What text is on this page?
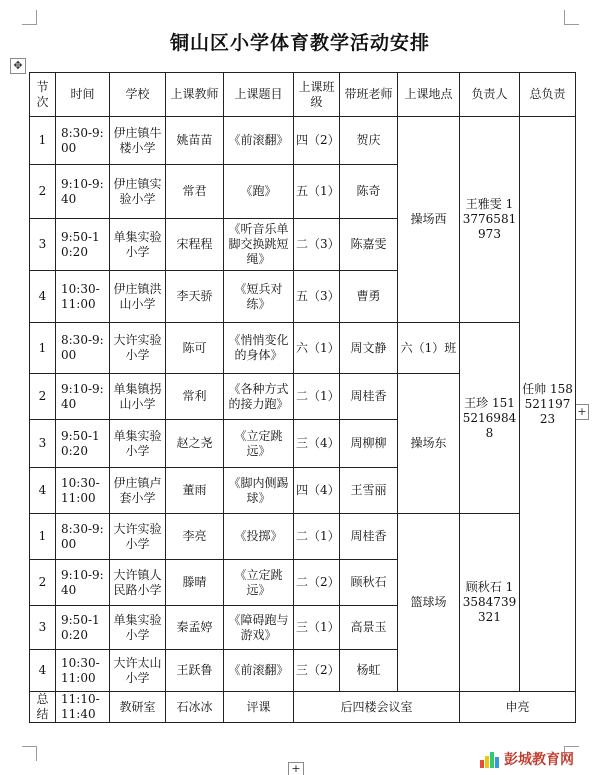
✥
+
+
铜山区小学体育教学活动安排
节次	时间	学校	上课教师	上课题目	上课班级	带班老师	上课地点	负责人	总负责
1	8:30-9:00	伊庄镇牛楼小学	姚苗苗	《前滚翻》	四（2）	贺庆	操场西	王雅雯 13776581973	任帅 15852119723
2	9:10-9:40	伊庄镇实验小学	常君	《跑》	五（1）	陈奇			
3	9:50-10:20	单集实验小学	宋程程	《听音乐单脚交换跳短绳》	二（3）	陈嘉雯			
4	10:30-11:00	伊庄镇洪山小学	李天骄	《短兵对练》	五（3）	曹勇			
1	8:30-9:00	大许实验小学	陈可	《悄悄变化的身体》	六（1）	周文静	六（1）班	王珍 15152169848	
2	9:10-9:40	单集镇拐山小学	常利	《各种方式的接力跑》	二（1）	周桂香	操场东		
3	9:50-10:20	单集实验小学	赵之尧	《立定跳远》	三（4）	周柳柳			
4	10:30-11:00	伊庄镇卢套小学	董雨	《脚内侧踢球》	四（4）	王雪丽			
1	8:30-9:00	大许实验小学	李亮	《投掷》	二（1）	周桂香	篮球场	顾秋石 13584739321	
2	9:10-9:40	大许镇人民路小学	滕晴	《立定跳远》	二（2）	顾秋石			
3	9:50-10:20	单集实验小学	秦孟婷	《障碍跑与游戏》	三（1）	高景玉			
4	10:30-11:00	大许太山小学	王跃鲁	《前滚翻》	三（2）	杨虹			
总结	11:10-11:40	教研室	石冰冰	评课	后四楼会议室			申亮	
彭城教育网
